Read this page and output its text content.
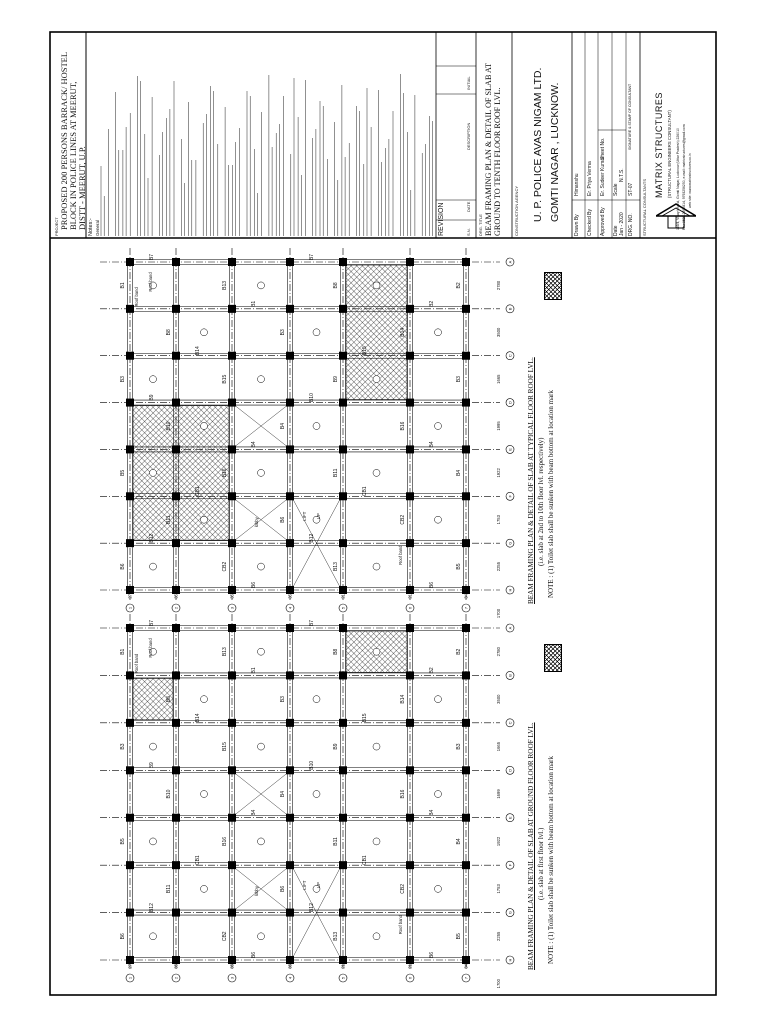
1	2	3	4	5	6	7
A
2780
B
3500
C
1665
D
1995
E
1922
F
1753
G
2255
H
1700
B1
B7
B3
B9
B5
B6
B12
B8
B14
B10
B11
CB1
B13
B1
B15
B16
B4
CB2
B6
B7
B3
B4
B10
B6
B12
B8
B9
B15
B11
CB1
B13
B14
B2
B16
B4
CB2
B6
B2
B3
B4
B5
Roof band
Roof band
Roof band
LIFT UP
lobby
1	2	3	4	5	6	7
A
2780
B
3500
C
1665
D
1699
E
1922
F
1753
G
2255
H
1700
B1
B7
B3
B9
B5
B6
B12
B8
B14
B10
B11
CB1
B13
B1
B15
B16
B4
CB2
B6
B7
B3
B4
B10
B6
B12
B8
B9
B15
B11
CB1
B13
B14
B2
B16
B4
CB2
B6
B2
B3
B4
B5
Roof band
Roof band
Roof band
LIFT UP
lobby
PROJECT PROPOSED 200 PERSONS BARRACK/ HOSTEL BLOCK IN POLICE LINES AT MEERUT, DISTT - MEERUT, U.P. Notes:- General	REVISION	S.N.
DATE
DESCRIPTION
INITIAL
DRG. TITLE BEAM FRAMING PLAN & DETAIL OF SLAB AT GROUND TO TENTH FLOOR ROOF LVL.	CONSTRUCTION AGENCY U. P. POLICE AVAS NIGAM LTD. GOMTI NAGAR , LUCKNOW.
Drawn By
Himanshu
Checked By
Er. Priya Verma
Approved By
Er. Sudeer Kumar
Date Jan - 2020
Scale
N.T.S.
Sheet No.
DRG. NO.
ST-07
SIGNATURE & STAMP OF CONSULTANT
STRUCTURAL CONSULTANTS
MATRIX STRUCTURES (STRUCTURAL ENGINEERS CONSULTANT) 116/4, Vinay Khand, Gomti Nagar, Lucknow (Uttar Pradesh) 226010 Ph.: 0522-2390814, 9793256250, e-mail: matrixstructures@gmail.com web site: www.matrixstructures.co.in
BEAM FRAMING PLAN & DETAIL OF SLAB AT TYPICAL FLOOR ROOF LVL. (i.e. slab at 2nd to 10th floor lvl. respectively) NOTE : (1) Toilet slab shall be sunken with beam bottom at location mark
BEAM FRAMING PLAN & DETAIL OF SLAB AT GROUND FLOOR ROOF LVL. (i.e. slab at first floor lvl.) NOTE : (1) Toilet slab shall be sunken with beam bottom at location mark
